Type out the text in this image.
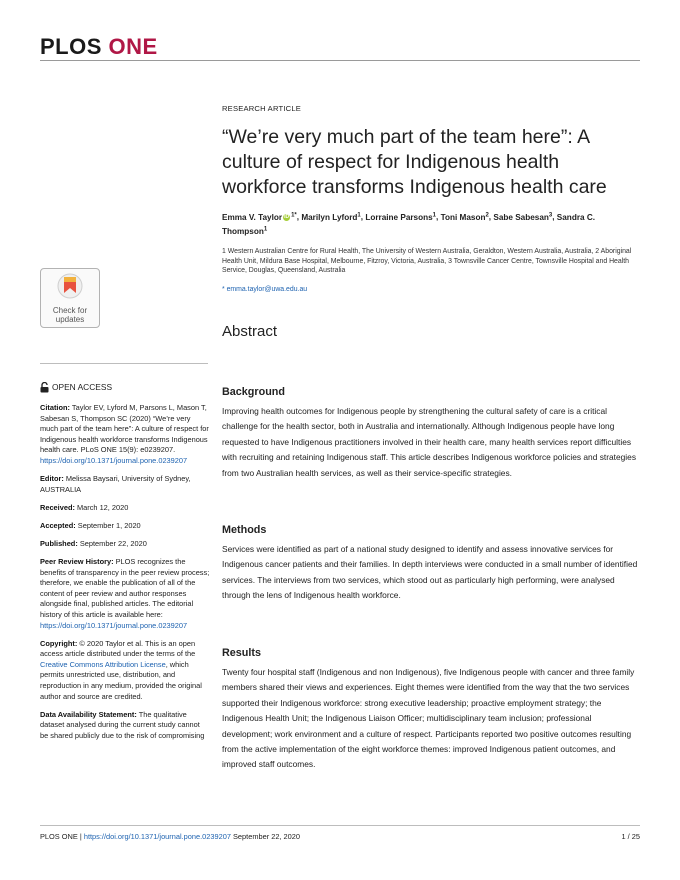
PLOS ONE
Check for
updates
OPEN ACCESS

Citation: Taylor EV, Lyford M, Parsons L, Mason T, Sabesan S, Thompson SC (2020) “We’re very much part of the team here”: A culture of respect for Indigenous health workforce transforms Indigenous health care. PLoS ONE 15(9): e0239207. https://doi.org/10.1371/journal.pone.0239207

Editor: Melissa Baysari, University of Sydney, AUSTRALIA

Received: March 12, 2020

Accepted: September 1, 2020

Published: September 22, 2020

Peer Review History: PLOS recognizes the benefits of transparency in the peer review process; therefore, we enable the publication of all of the content of peer review and author responses alongside final, published articles. The editorial history of this article is available here: https://doi.org/10.1371/journal.pone.0239207

Copyright: © 2020 Taylor et al. This is an open access article distributed under the terms of the Creative Commons Attribution License, which permits unrestricted use, distribution, and reproduction in any medium, provided the original author and source are credited.

Data Availability Statement: The qualitative dataset analysed during the current study cannot be shared publicly due to the risk of compromising

RESEARCH ARTICLE

“We’re very much part of the team here”: A culture of respect for Indigenous health workforce transforms Indigenous health care
Emma V. Taylor iD $^{1*}$, Marilyn Lyford$^1$, Lorraine Parsons$^1$, Toni Mason$^2$, Sabe Sabesan$^3$, Sandra C. Thompson$^1$
1 Western Australian Centre for Rural Health, The University of Western Australia, Geraldton, Western Australia, Australia, 2 Aboriginal Health Unit, Mildura Base Hospital, Melbourne, Fitzroy, Victoria, Australia, 3 Townsville Cancer Centre, Townsville Hospital and Health Service, Douglas, Queensland, Australia
* emma.taylor@uwa.edu.au
Abstract
Background

Improving health outcomes for Indigenous people by strengthening the cultural safety of care is a critical challenge for the health sector, both in Australia and internationally. Although Indigenous people have long requested to have Indigenous practitioners involved in their health care, many health services report difficulties with recruiting and retaining Indigenous staff. This article describes Indigenous workforce policies and strategies from two Australian health services, as well as their service-specific strategies.

Methods

Services were identified as part of a national study designed to identify and assess innovative services for Indigenous cancer patients and their families. In depth interviews were conducted in a small number of identified services. The interviews from two services, which stood out as particularly high performing, were analysed through the lens of Indigenous health workforce.

Results

Twenty four hospital staff (Indigenous and non Indigenous), five Indigenous people with cancer and three family members shared their views and experiences. Eight themes were identified from the way that the two services supported their Indigenous workforce: strong executive leadership; proactive employment strategy; the Indigenous Health Unit; the Indigenous Liaison Officer; multidisciplinary team inclusion; professional development; work environment and a culture of respect. Participants reported two positive outcomes resulting from the active implementation of the eight workforce themes: improved Indigenous patient outcomes, and improved staff outcomes.

PLOS ONE | https://doi.org/10.1371/journal.pone.0239207 September 22, 2020	1 / 25
